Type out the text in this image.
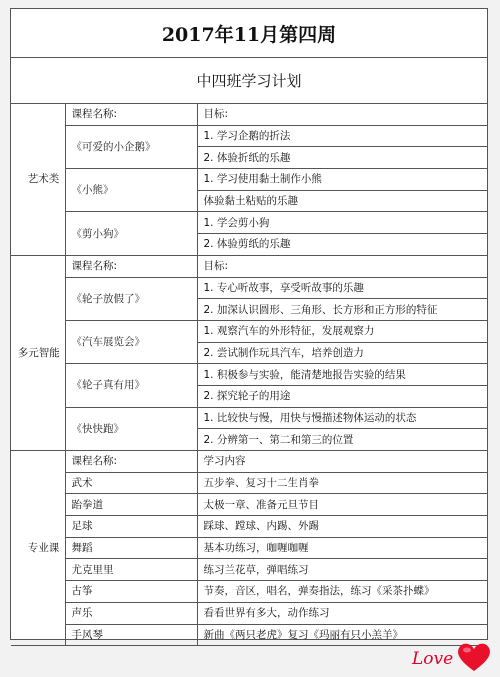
2017年11月第四周
中四班学习计划
艺术类	课程名称:	目标:
	《可爱的小企鹅》	1. 学习企鹅的折法
		2. 体验折纸的乐趣
	《小熊》	1. 学习使用黏土制作小熊
		体验黏土粘贴的乐趣
	《剪小狗》	1. 学会剪小狗
		2. 体验剪纸的乐趣
多元智能	课程名称:	目标:
	《轮子放假了》	1. 专心听故事，享受听故事的乐趣
		2. 加深认识圆形、三角形、长方形和正方形的特征
	《汽车展览会》	1. 观察汽车的外形特征，发展观察力
		2. 尝试制作玩具汽车，培养创造力
	《轮子真有用》	1. 积极参与实验，能清楚地报告实验的结果
		2. 探究轮子的用途
	《快快跑》	1. 比较快与慢，用快与慢描述物体运动的状态
		2. 分辨第一、第二和第三的位置
专业课	课程名称:	学习内容
	武术	五步拳、复习十二生肖拳
	跆拳道	太极一章、准备元旦节目
	足球	踩球、蹚球、内踢、外踢
	舞蹈	基本功练习，咖喱咖喱
	尤克里里	练习兰花草，弹唱练习
	古筝	节奏，音区，唱名，弹奏指法，练习《采茶扑蝶》
	声乐	看看世界有多大，动作练习
	手风琴	新曲《两只老虎》复习《玛丽有只小羔羊》
Love
